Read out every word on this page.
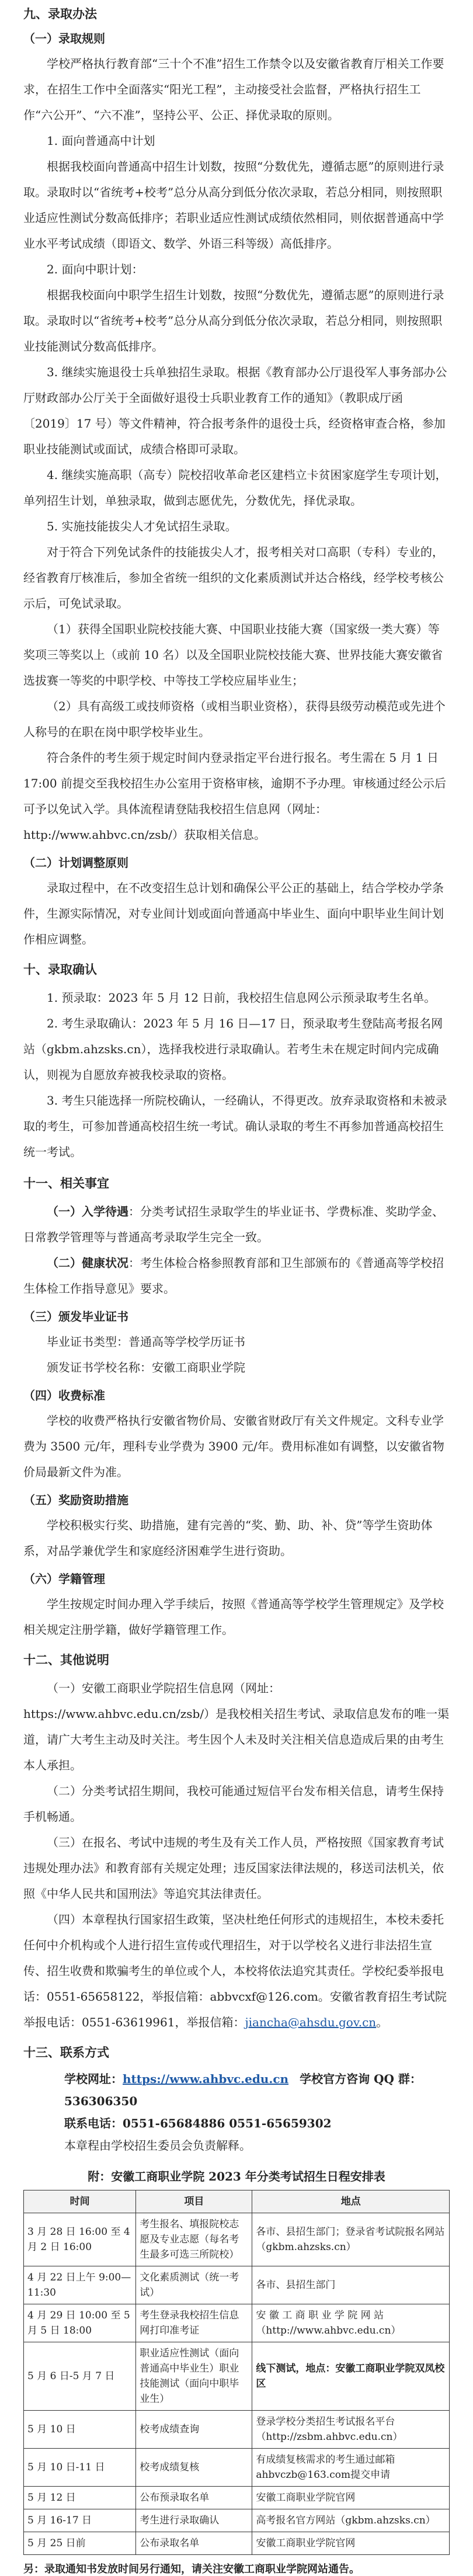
九、录取办法
（一）录取规则

学校严格执行教育部“三十个不准”招生工作禁令以及安徽省教育厅相关工作要求，在招生工作中全面落实“阳光工程”，主动接受社会监督，严格执行招生工作“六公开”、“六不准”，坚持公平、公正、择优录取的原则。

1. 面向普通高中计划

根据我校面向普通高中招生计划数，按照“分数优先，遵循志愿”的原则进行录取。录取时以“省统考+校考”总分从高分到低分依次录取，若总分相同，则按照职业适应性测试分数高低排序；若职业适应性测试成绩依然相同，则依据普通高中学业水平考试成绩（即语文、数学、外语三科等级）高低排序。

2. 面向中职计划：

根据我校面向中职学生招生计划数，按照“分数优先，遵循志愿”的原则进行录取。录取时以“省统考+校考”总分从高分到低分依次录取，若总分相同，则按照职业技能测试分数高低排序。

3. 继续实施退役士兵单独招生录取。根据《教育部办公厅退役军人事务部办公厅财政部办公厅关于全面做好退役士兵职业教育工作的通知》（教职成厅函〔2019〕17 号）等文件精神，符合报考条件的退役士兵，经资格审查合格，参加职业技能测试或面试，成绩合格即可录取。

4. 继续实施高职（高专）院校招收革命老区建档立卡贫困家庭学生专项计划，单列招生计划，单独录取，做到志愿优先，分数优先，择优录取。

5. 实施技能拔尖人才免试招生录取。

对于符合下列免试条件的技能拔尖人才，报考相关对口高职（专科）专业的，经省教育厅核准后，参加全省统一组织的文化素质测试并达合格线，经学校考核公示后，可免试录取。

（1）获得全国职业院校技能大赛、中国职业技能大赛（国家级一类大赛）等奖项三等奖以上（或前 10 名）以及全国职业院校技能大赛、世界技能大赛安徽省选拔赛一等奖的中职学校、中等技工学校应届毕业生；

（2）具有高级工或技师资格（或相当职业资格），获得县级劳动模范或先进个人称号的在职在岗中职学校毕业生。

符合条件的考生须于规定时间内登录指定平台进行报名。考生需在 5 月 1 日 17:00 前提交至我校招生办公室用于资格审核，逾期不予办理。审核通过经公示后可予以免试入学。具体流程请登陆我校招生信息网（网址：http://www.ahbvc.cn/zsb/）获取相关信息。

（二）计划调整原则

录取过程中，在不改变招生总计划和确保公平公正的基础上，结合学校办学条件，生源实际情况，对专业间计划或面向普通高中毕业生、面向中职毕业生间计划作相应调整。

十、录取确认

1. 预录取：2023 年 5 月 12 日前，我校招生信息网公示预录取考生名单。

2. 考生录取确认：2023 年 5 月 16 日—17 日，预录取考生登陆高考报名网站（gkbm.ahzsks.cn），选择我校进行录取确认。若考生未在规定时间内完成确认，则视为自愿放弃被我校录取的资格。

3. 考生只能选择一所院校确认，一经确认，不得更改。放弃录取资格和未被录取的考生，可参加普通高校招生统一考试。确认录取的考生不再参加普通高校招生统一考试。

十一、相关事宜

（一）入学待遇：分类考试招生录取学生的毕业证书、学费标准、奖助学金、日常教学管理等与普通高考录取学生完全一致。

（二）健康状况：考生体检合格参照教育部和卫生部颁布的《普通高等学校招生体检工作指导意见》要求。

（三）颁发毕业证书

毕业证书类型：普通高等学校学历证书

颁发证书学校名称：安徽工商职业学院

（四）收费标准

学校的收费严格执行安徽省物价局、安徽省财政厅有关文件规定。文科专业学费为 3500 元/年，理科专业学费为 3900 元/年。费用标准如有调整，以安徽省物价局最新文件为准。

（五）奖励资助措施

学校积极实行奖、助措施，建有完善的“奖、勤、助、补、贷”等学生资助体系，对品学兼优学生和家庭经济困难学生进行资助。

（六）学籍管理

学生按规定时间办理入学手续后，按照《普通高等学校学生管理规定》及学校相关规定注册学籍，做好学籍管理工作。

十二、其他说明

（一）安徽工商职业学院招生信息网（网址：https://www.ahbvc.edu.cn/zsb/）是我校相关招生考试、录取信息发布的唯一渠道，请广大考生主动及时关注。考生因个人未及时关注相关信息造成后果的由考生本人承担。

（二）分类考试招生期间，我校可能通过短信平台发布相关信息，请考生保持手机畅通。

（三）在报名、考试中违规的考生及有关工作人员，严格按照《国家教育考试违规处理办法》和教育部有关规定处理；违反国家法律法规的，移送司法机关，依照《中华人民共和国刑法》等追究其法律责任。

（四）本章程执行国家招生政策，坚决杜绝任何形式的违规招生，本校未委托任何中介机构或个人进行招生宣传或代理招生，对于以学校名义进行非法招生宣传、招生收费和欺骗考生的单位或个人，本校将依法追究其责任。学校纪委举报电话：0551-65658122，举报信箱：abbvcxf@126.com。安徽省教育招生考试院举报电话：0551-63619961，举报信箱：jiancha@ahsdu.gov.cn。

十三、联系方式
学校网址：https://www.ahbvc.edu.cn 学校官方咨询 QQ 群：536306350
联系电话：0551-65684886 0551-65659302
本章程由学校招生委员会负责解释。
附：安徽工商职业学院 2023 年分类考试招生日程安排表
时间	项目	地点
3 月 28 日 16:00 至 4 月 2 日 16:00	考生报名、填报院校志愿及专业志愿（每名考生最多可选三所院校）	各市、县招生部门；登录省考试院报名网站（gkbm.ahzsks.cn）
4 月 22 日上午 9:00—11:30	文化素质测试（统一考试）	各市、县招生部门
4 月 29 日 10:00 至 5 月 5 日 18:00	考生登录我校招生信息网打印准考证	安 徽 工 商 职 业 学 院 网 站（http://www.ahbvc.edu.cn）
5 月 6 日-5 月 7 日	职业适应性测试（面向普通高中毕业生）职业技能测试（面向中职毕业生）	线下测试，地点：安徽工商职业学院双凤校区
5 月 10 日	校考成绩查询	登录学校分类招生考试报名平台（http://zsbm.ahbvc.edu.cn）
5 月 10 日-11 日	校考成绩复核	有成绩复核需求的考生通过邮箱ahbvczb@163.com提交申请
5 月 12 日	公布预录取名单	安徽工商职业学院官网
5 月 16-17 日	考生进行录取确认	高考报名官方网站（gkbm.ahzsks.cn）
5 月 25 日前	公布录取名单	安徽工商职业学院官网
另：录取通知书发放时间另行通知，请关注安徽工商职业学院网站通告。
